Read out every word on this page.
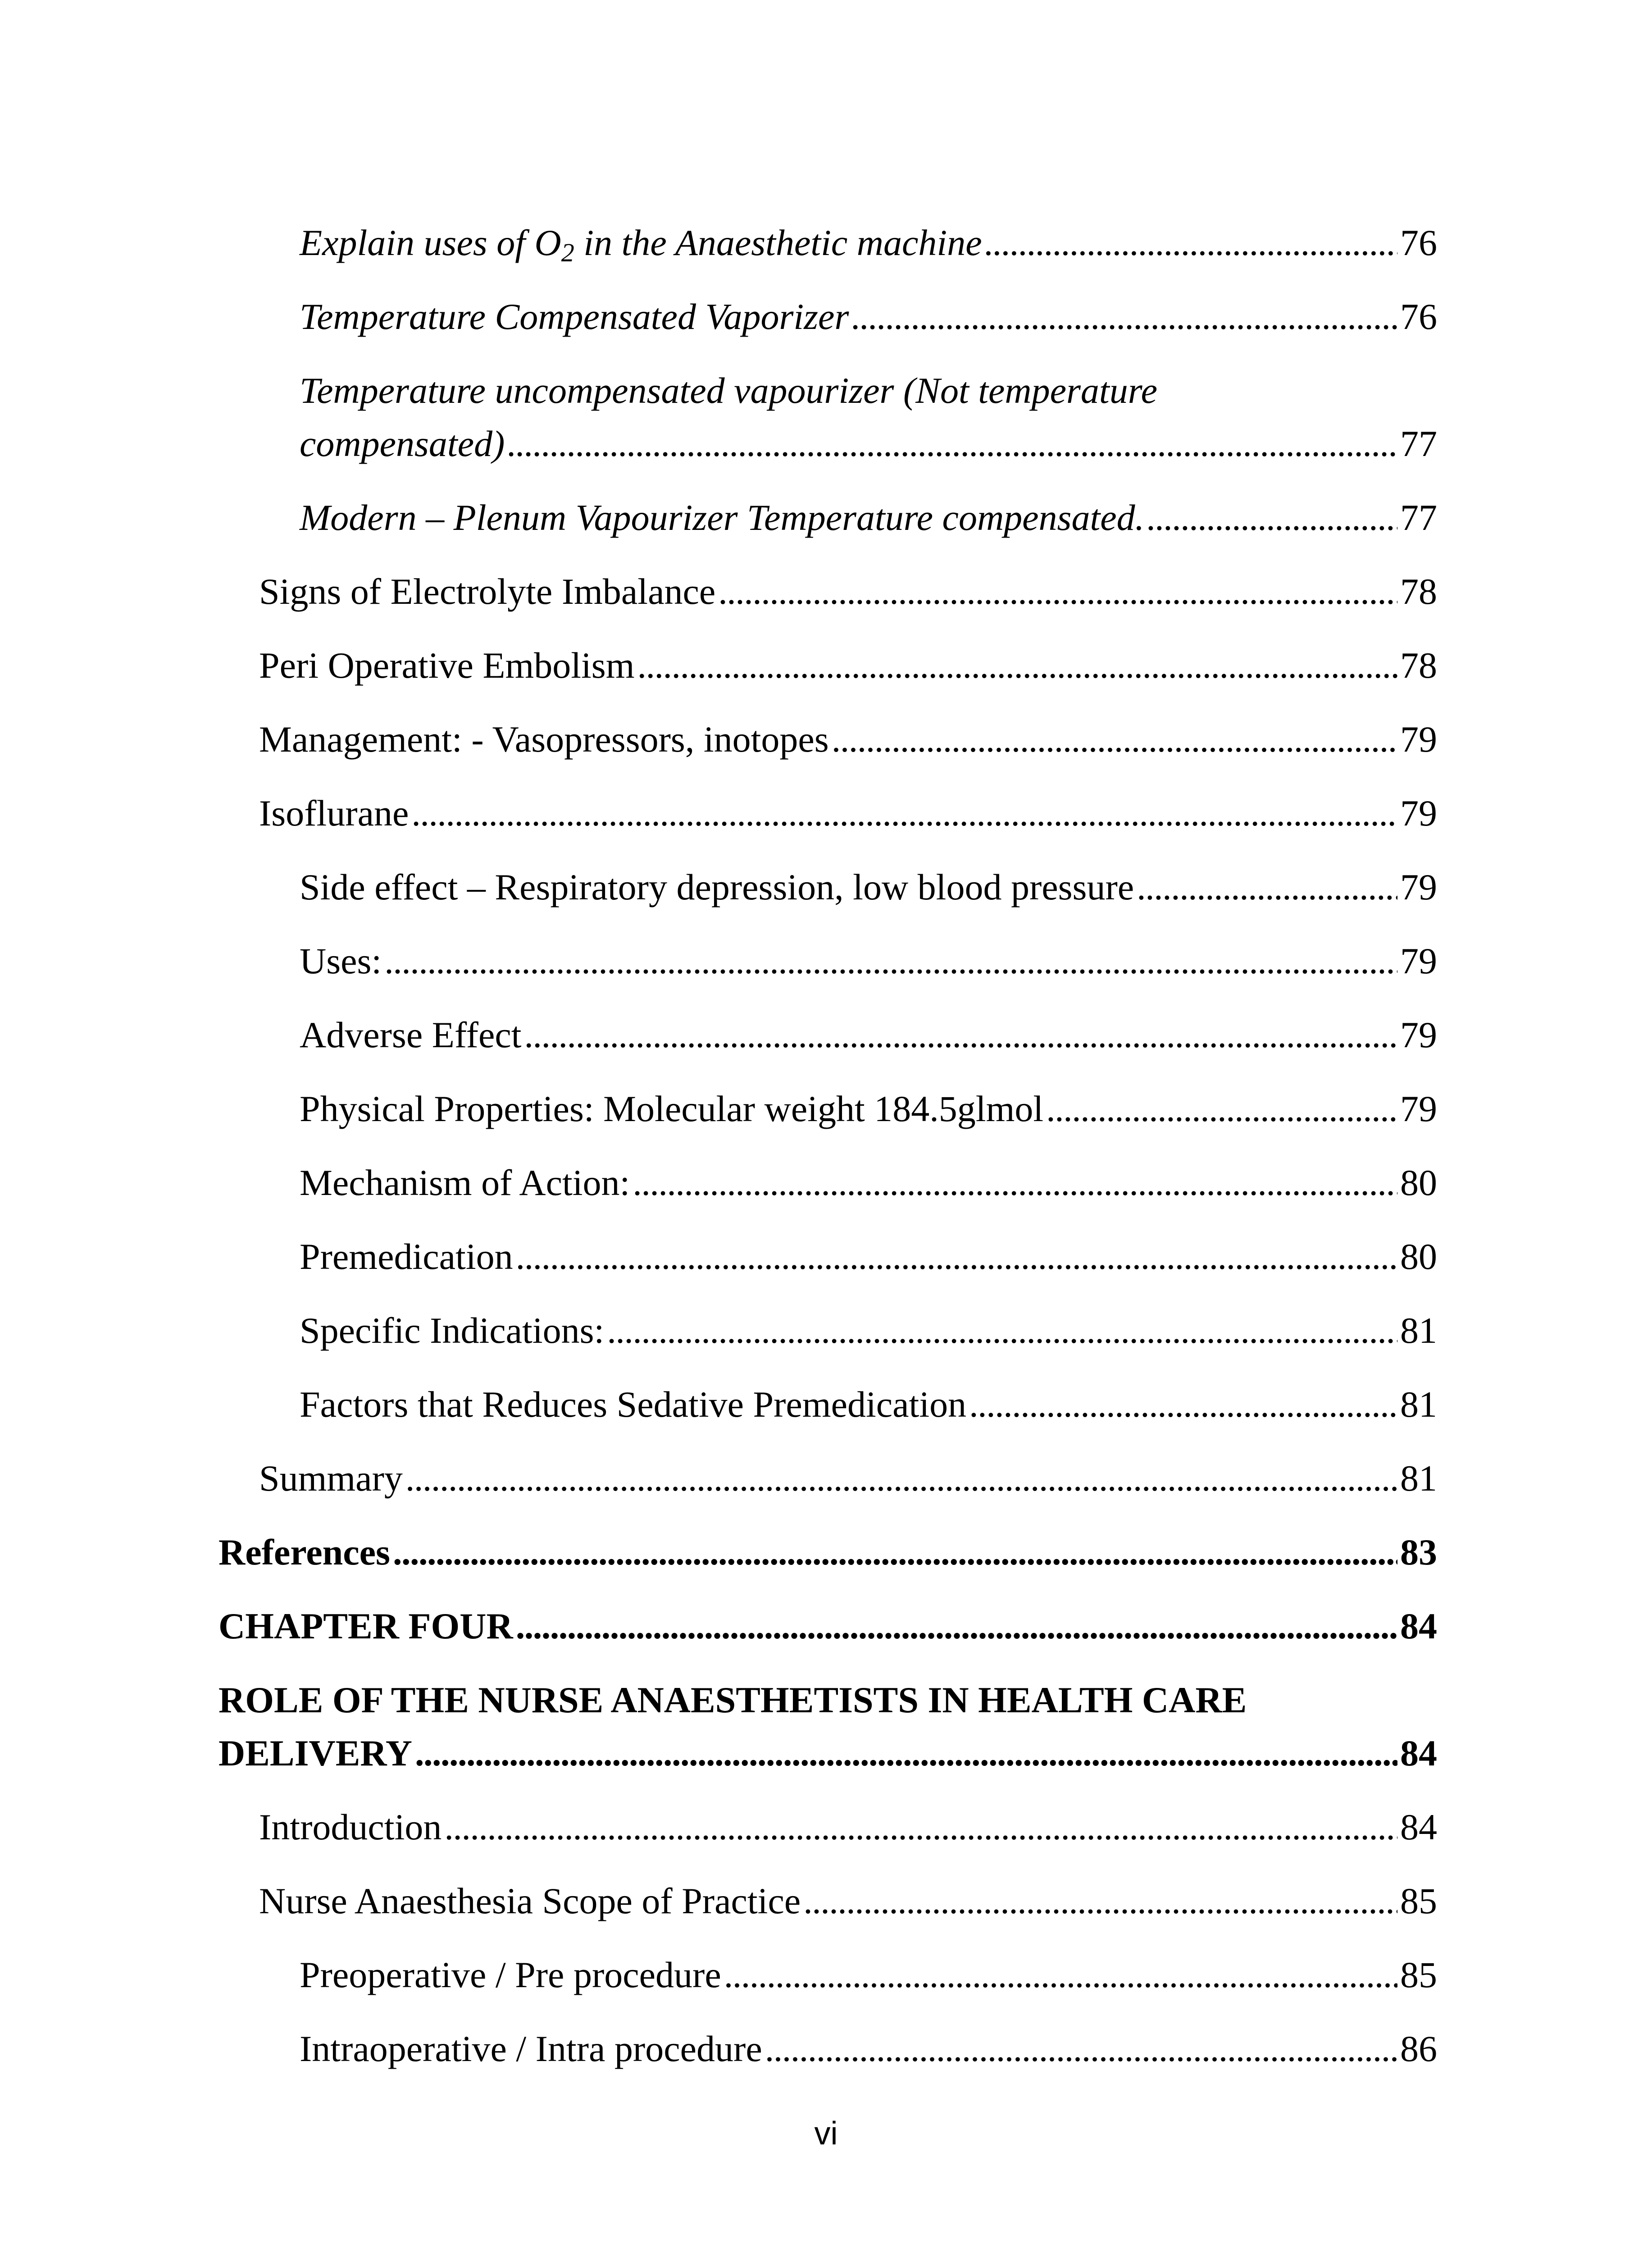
Explain uses of $O_2$ in the Anaesthetic machine . . .	76
Temperature Compensated Vaporizer . . .	76
Temperature uncompensated vapourizer (Not temperature
compensated) . . .	77
Modern – Plenum Vapourizer Temperature compensated. . . .	77
Signs of Electrolyte Imbalance . . .	78
Peri Operative Embolism . . .	78
Management: - Vasopressors, inotopes . . .	79
Isoflurane . . .	79
Side effect – Respiratory depression, low blood pressure . . .	79
Uses: . . .	79
Adverse Effect . . .	79
Physical Properties: Molecular weight 184.5glmol . . .	79
Mechanism of Action: . . .	80
Premedication . . .	80
Specific Indications: . . .	81
Factors that Reduces Sedative Premedication . . .	81
Summary . . .	81
References . . .	83
CHAPTER FOUR . . .	84
ROLE OF THE NURSE ANAESTHETISTS IN HEALTH CARE
DELIVERY . . .	84
Introduction . . .	84
Nurse Anaesthesia Scope of Practice . . .	85
Preoperative / Pre procedure . . .	85
Intraoperative / Intra procedure . . .	86
vi
